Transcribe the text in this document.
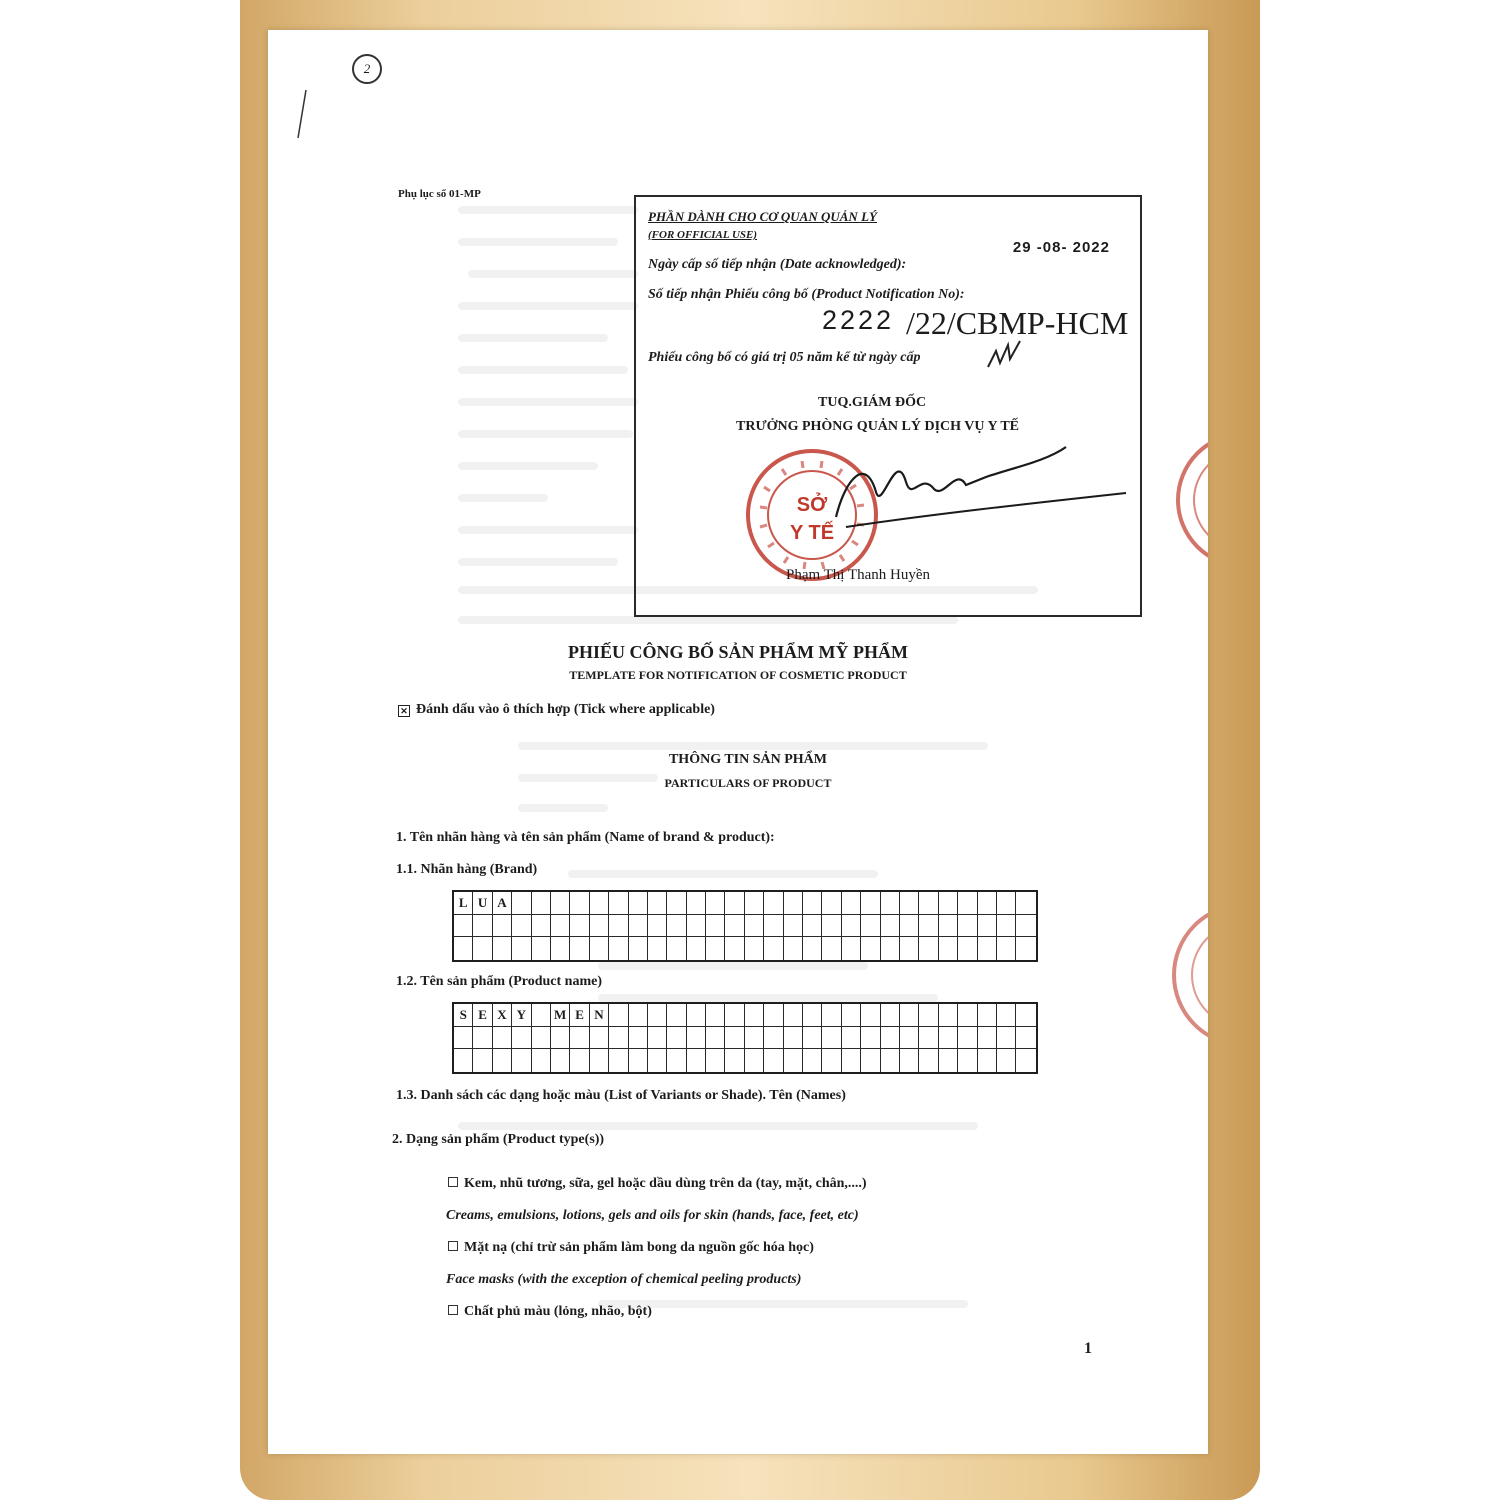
2
Phụ lục số 01-MP
PHẦN DÀNH CHO CƠ QUAN QUẢN LÝ
(FOR OFFICIAL USE)
29 -08- 2022
Ngày cấp số tiếp nhận (Date acknowledged):
Số tiếp nhận Phiếu công bố (Product Notification No):
2222 /22/CBMP-HCM
Phiếu công bố có giá trị 05 năm kể từ ngày cấp
TUQ.GIÁM ĐỐC
TRƯỞNG PHÒNG QUẢN LÝ DỊCH VỤ Y TẾ
SỞ
Y TẾ
Phạm Thị Thanh Huyền
PHIẾU CÔNG BỐ SẢN PHẨM MỸ PHẨM
TEMPLATE FOR NOTIFICATION OF COSMETIC PRODUCT
✕ Đánh dấu vào ô thích hợp (Tick where applicable)
THÔNG TIN SẢN PHẨM
PARTICULARS OF PRODUCT
1. Tên nhãn hàng và tên sản phẩm (Name of brand & product):
1.1. Nhãn hàng (Brand)
L U A
1.2. Tên sản phẩm (Product name)
S E X Y	M E N
1.3. Danh sách các dạng hoặc màu (List of Variants or Shade). Tên (Names)
2. Dạng sản phẩm (Product type(s))
Kem, nhũ tương, sữa, gel hoặc dầu dùng trên da (tay, mặt, chân,....)
Creams, emulsions, lotions, gels and oils for skin (hands, face, feet, etc)
Mặt nạ (chỉ trừ sản phẩm làm bong da nguồn gốc hóa học)
Face masks (with the exception of chemical peeling products)
Chất phủ màu (lỏng, nhão, bột)
1
